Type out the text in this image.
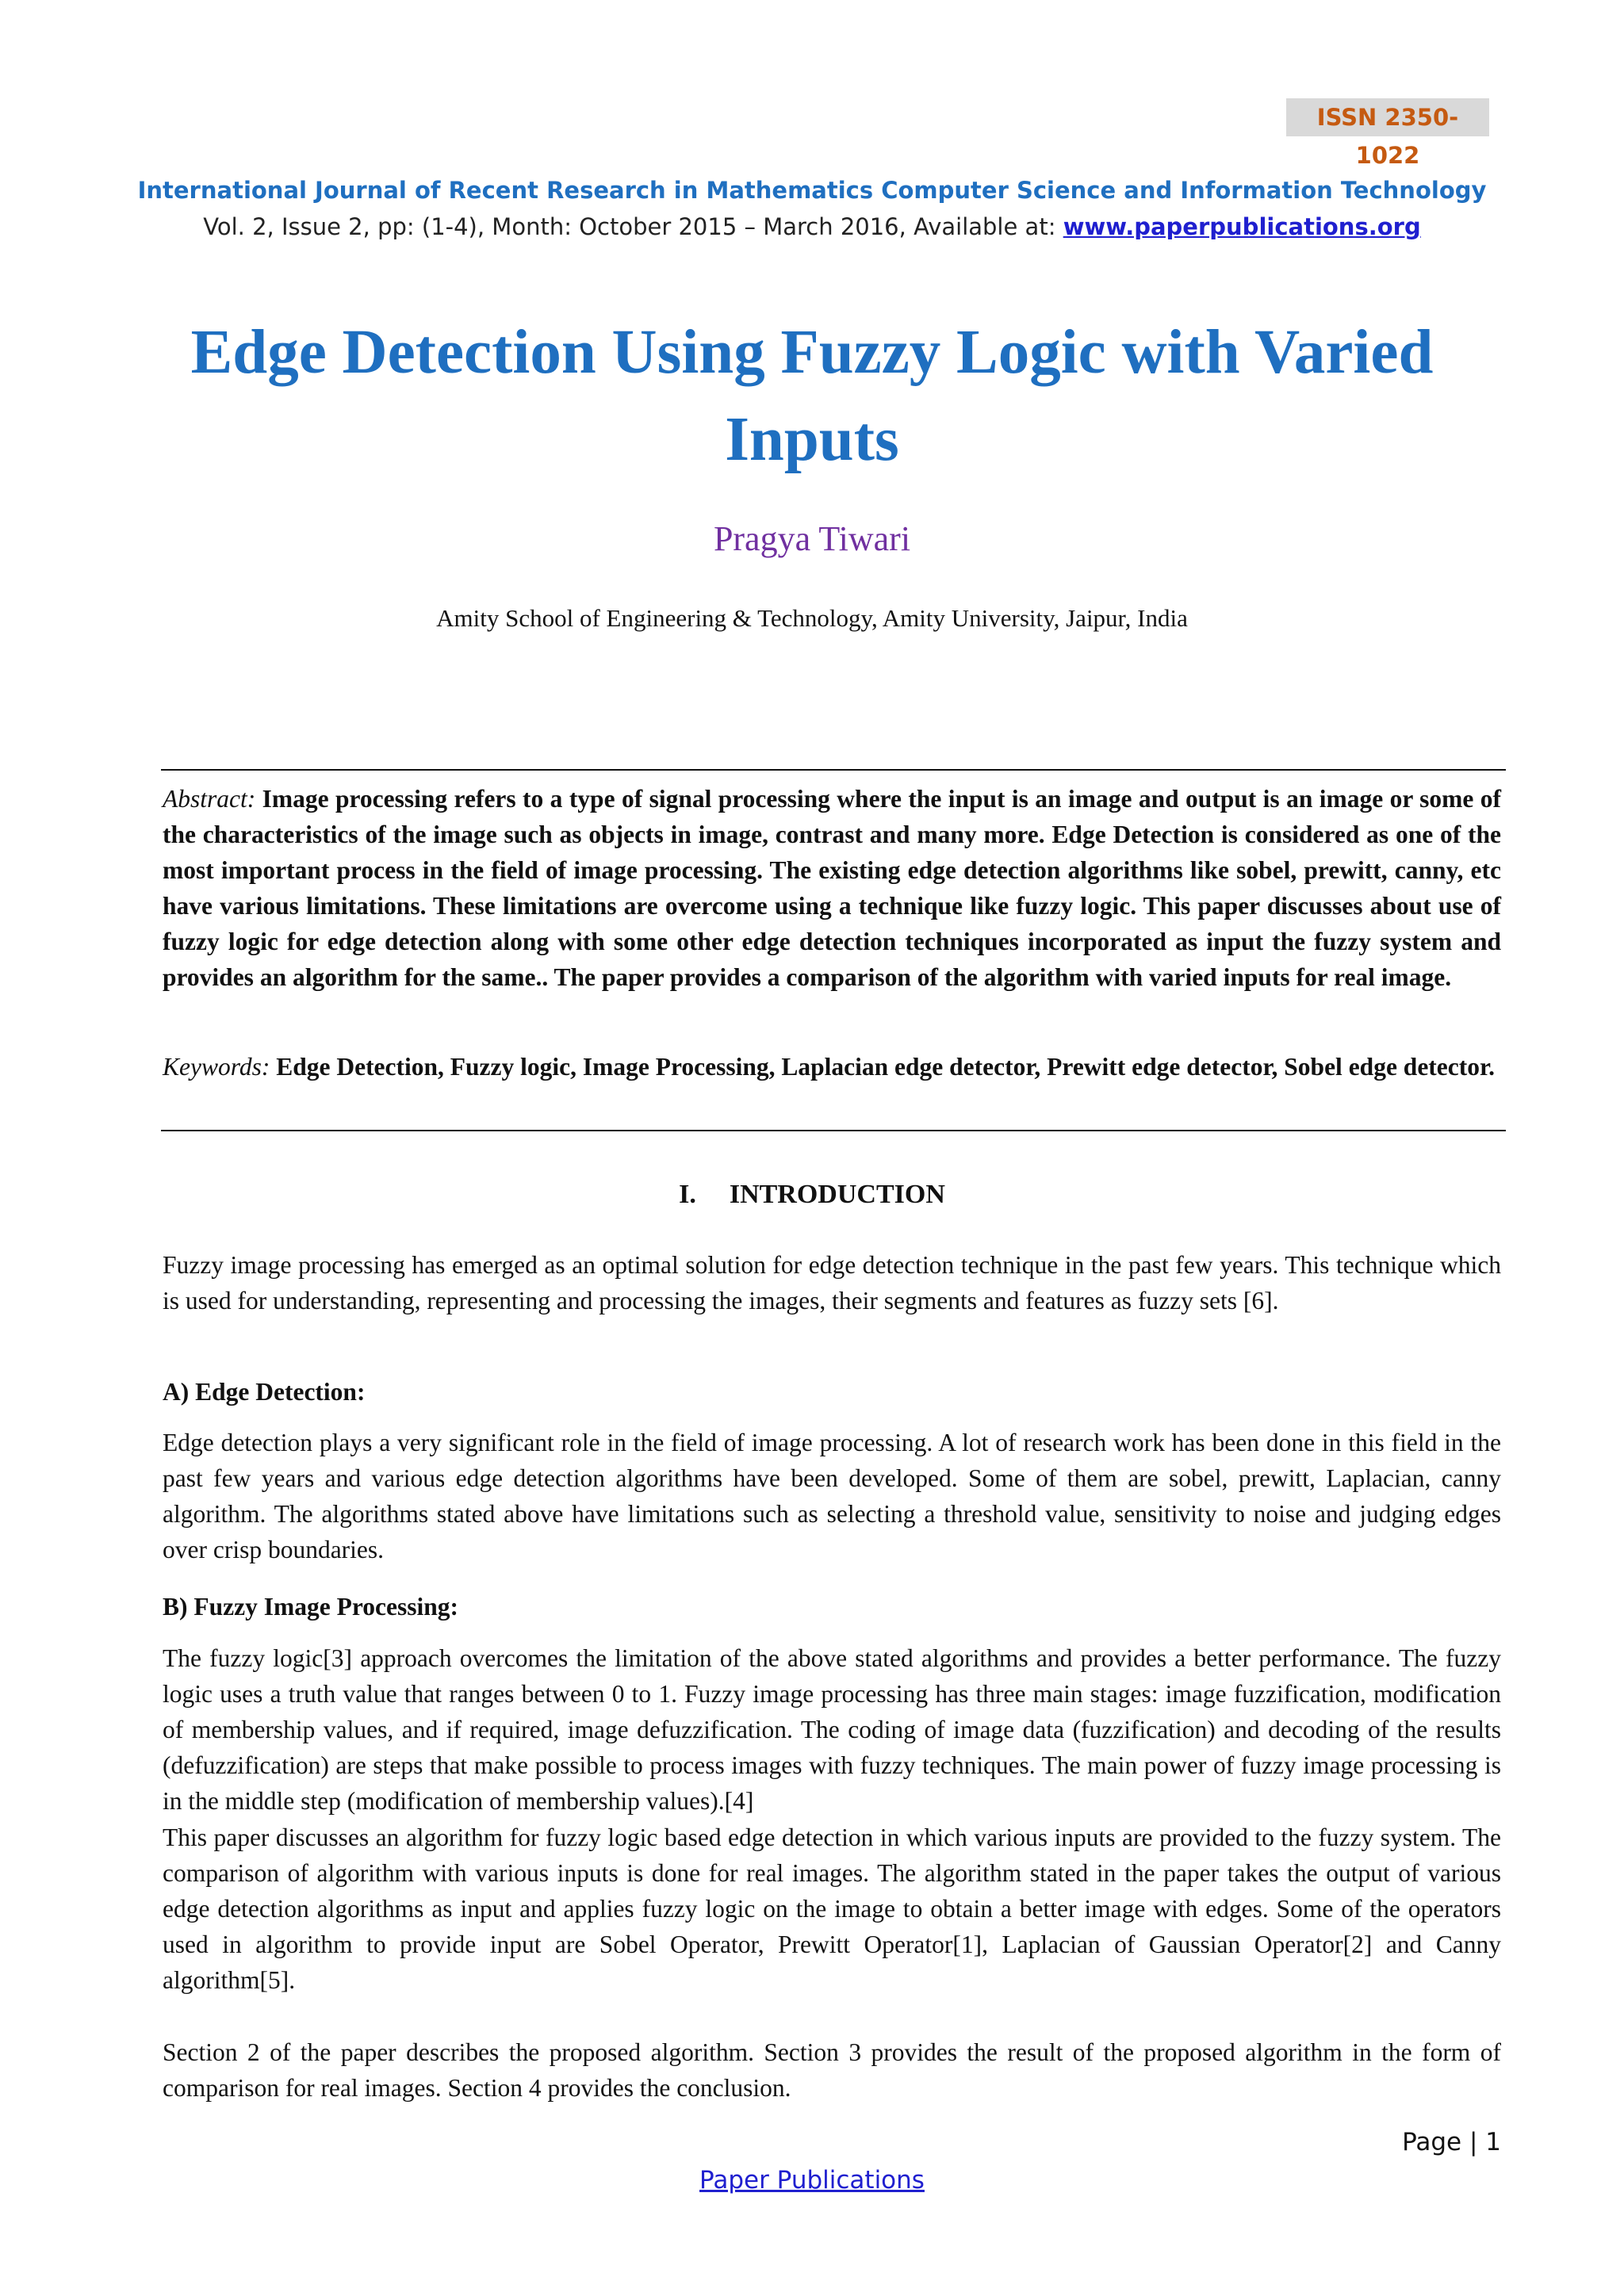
ISSN 2350-1022
International Journal of Recent Research in Mathematics Computer Science and Information Technology
Vol. 2, Issue 2, pp: (1-4), Month: October 2015 – March 2016, Available at: www.paperpublications.org
Edge Detection Using Fuzzy Logic with Varied Inputs
Pragya Tiwari
Amity School of Engineering & Technology, Amity University, Jaipur, India

Abstract: Image processing refers to a type of signal processing where the input is an image and output is an image or some of the characteristics of the image such as objects in image, contrast and many more. Edge Detection is considered as one of the most important process in the field of image processing. The existing edge detection algorithms like sobel, prewitt, canny, etc have various limitations. These limitations are overcome using a technique like fuzzy logic. This paper discusses about use of fuzzy logic for edge detection along with some other edge detection techniques incorporated as input the fuzzy system and provides an algorithm for the same.. The paper provides a comparison of the algorithm with varied inputs for real image.

Keywords: Edge Detection, Fuzzy logic, Image Processing, Laplacian edge detector, Prewitt edge detector, Sobel edge detector.

I. INTRODUCTION

Fuzzy image processing has emerged as an optimal solution for edge detection technique in the past few years. This technique which is used for understanding, representing and processing the images, their segments and features as fuzzy sets [6].

A) Edge Detection:

Edge detection plays a very significant role in the field of image processing. A lot of research work has been done in this field in the past few years and various edge detection algorithms have been developed. Some of them are sobel, prewitt, Laplacian, canny algorithm. The algorithms stated above have limitations such as selecting a threshold value, sensitivity to noise and judging edges over crisp boundaries.

B) Fuzzy Image Processing:

The fuzzy logic[3] approach overcomes the limitation of the above stated algorithms and provides a better performance. The fuzzy logic uses a truth value that ranges between 0 to 1. Fuzzy image processing has three main stages: image fuzzification, modification of membership values, and if required, image defuzzification. The coding of image data (fuzzification) and decoding of the results (defuzzification) are steps that make possible to process images with fuzzy techniques. The main power of fuzzy image processing is in the middle step (modification of membership values).[4]

This paper discusses an algorithm for fuzzy logic based edge detection in which various inputs are provided to the fuzzy system. The comparison of algorithm with various inputs is done for real images. The algorithm stated in the paper takes the output of various edge detection algorithms as input and applies fuzzy logic on the image to obtain a better image with edges. Some of the operators used in algorithm to provide input are Sobel Operator, Prewitt Operator[1], Laplacian of Gaussian Operator[2] and Canny algorithm[5].

Section 2 of the paper describes the proposed algorithm. Section 3 provides the result of the proposed algorithm in the form of comparison for real images. Section 4 provides the conclusion.

Page | 1
Paper Publications
